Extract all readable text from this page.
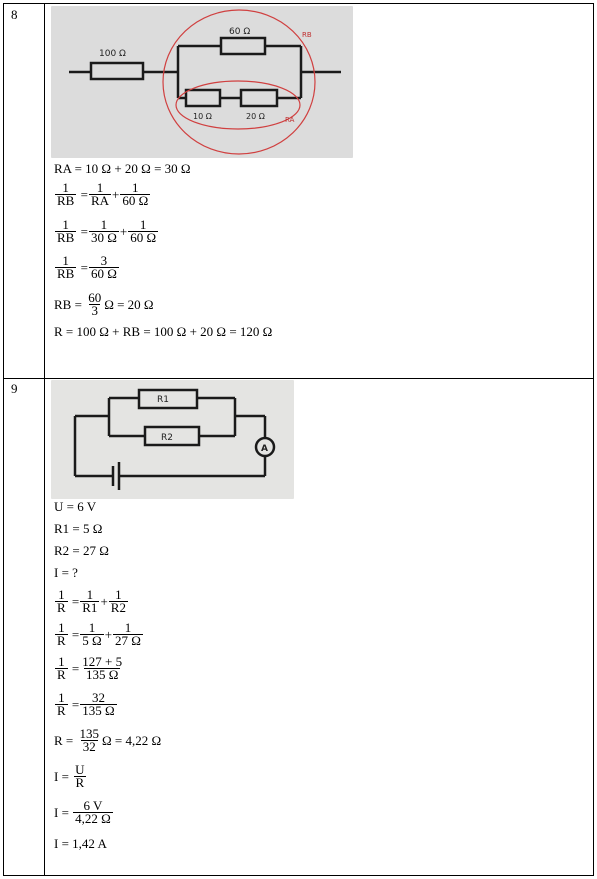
8
100 Ω
60 Ω
10 Ω	20 Ω
RB
RA
RA = 10 Ω + 20 Ω = 30 Ω
1
RB = 1
RA + 1
60 Ω
1
RB = 1
30 Ω + 1
60 Ω
1
RB = 3
60 Ω
RB =
$\frac{60}{3}$ Ω = 20 Ω
R = 100 Ω + RB = 100 Ω + 20 Ω = 120 Ω
9
R1
R2
A
U = 6 V
R1 = 5 Ω
R2 = 27 Ω
I = ?
1
R = 1
R1 + 1
R2
1
R = 1
5 Ω + 1
27 Ω
1
R = 127 + 5
135 Ω
1
R = 32
135 Ω
R =
$\frac{135}{32}$ Ω = 4,22 Ω
I =
$\frac{U}{R}$
I =
$\frac{6 V}{4,22 \Omega}$
I = 1,42 A
